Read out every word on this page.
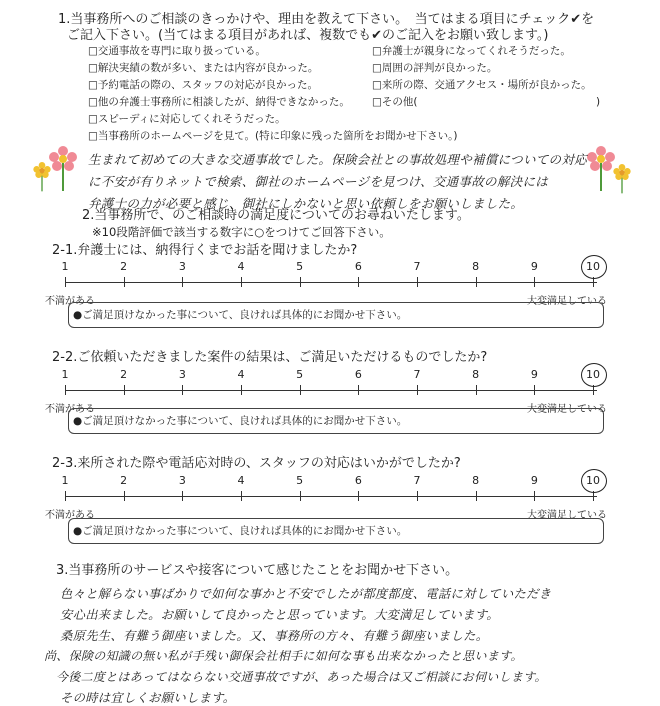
1.当事務所へのご相談のきっかけや、理由を教えて下さい。　当てはまる項目にチェック✔を
ご記入下さい。(当てはまる項目があれば、複数でも✔のご記入をお願い致します。)
□交通事故を専門に取り扱っている。
□解決実績の数が多い、または内容が良かった。
□予約電話の際の、スタッフの対応が良かった。
□他の弁護士事務所に相談したが、納得できなかった。
□スピーディに対応してくれそうだった。
□当事務所のホームページを見て。(特に印象に残った箇所をお聞かせ下さい。)
□弁護士が親身になってくれそうだった。
□周囲の評判が良かった。
□来所の際、交通アクセス・場所が良かった。
□その他(　　　　　　　　　　　　　　　　　)
生まれて初めての大きな交通事故でした。保険会社との事故処理や補償についての対応
に不安が有りネットで検索、御社のホームページを見つけ、交通事故の解決には
弁護士の力が必要と感じ、御社にしかないと思い依頼しをお願いしました。
2.当事務所で、のご相談時の満足度についてのお尋ねいたします。
※10段階評価で該当する数字に○をつけてご回答下さい。
2-1.弁護士には、納得行くまでお話を聞けましたか?
1	2	3	4	5	6	7	8	9	10
不満がある	大変満足している
●ご満足頂けなかった事について、良ければ具体的にお聞かせ下さい。
2-2.ご依頼いただきました案件の結果は、ご満足いただけるものでしたか?
1	2	3	4	5	6	7	8	9	10
不満がある	大変満足している
●ご満足頂けなかった事について、良ければ具体的にお聞かせ下さい。
2-3.来所された際や電話応対時の、スタッフの対応はいかがでしたか?
1	2	3	4	5	6	7	8	9	10
不満がある	大変満足している
●ご満足頂けなかった事について、良ければ具体的にお聞かせ下さい。
3.当事務所のサービスや接客について感じたことをお聞かせ下さい。
色々と解らない事ばかりで如何な事かと不安でしたが都度都度、電話に対していただき
安心出来ました。お願いして良かったと思っています。大変満足しています。
桑原先生、有難う御座いました。又、事務所の方々、有難う御座いました。
尚、保険の知識の無い私が手残い御保会社相手に如何な事も出来なかったと思います。
今後二度とはあってはならない交通事故ですが、あった場合は又ご相談にお伺いします。
その時は宜しくお願いします。
